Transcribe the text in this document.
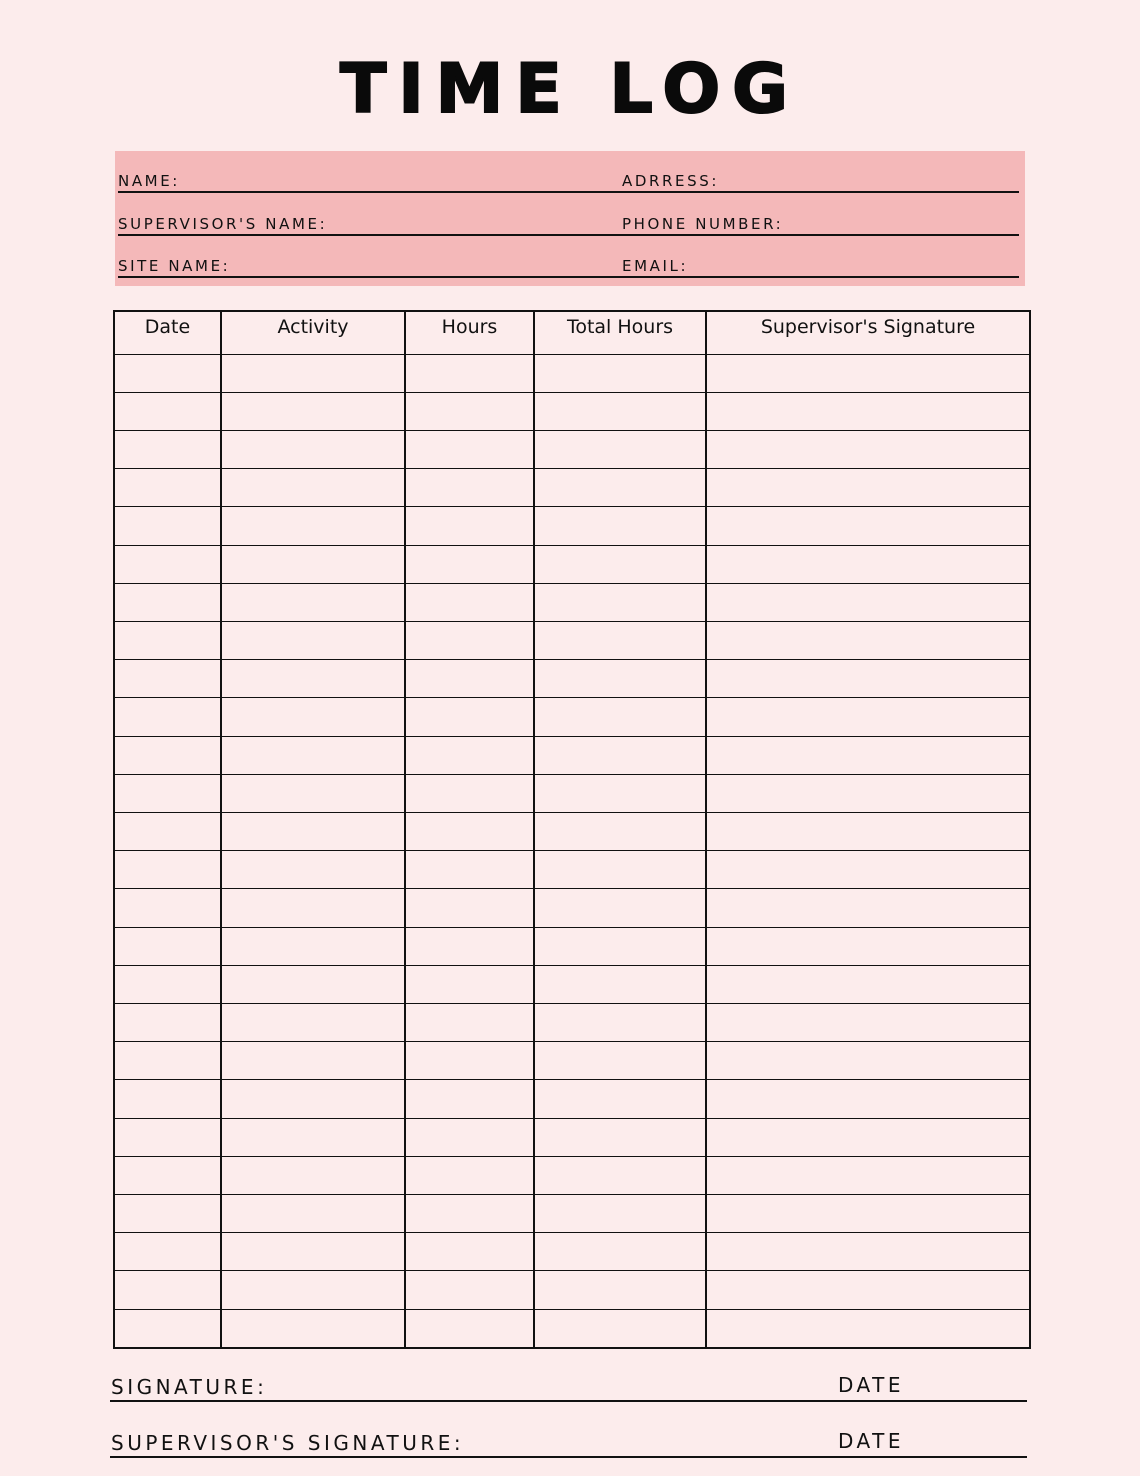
TIME LOG
NAME:	ADRRESS:
SUPERVISOR'S NAME:	PHONE NUMBER:
SITE NAME:	EMAIL:
Date	Activity	Hours	Total Hours	Supervisor's Signature

SIGNATURE:	DATE
SUPERVISOR'S SIGNATURE:	DATE
